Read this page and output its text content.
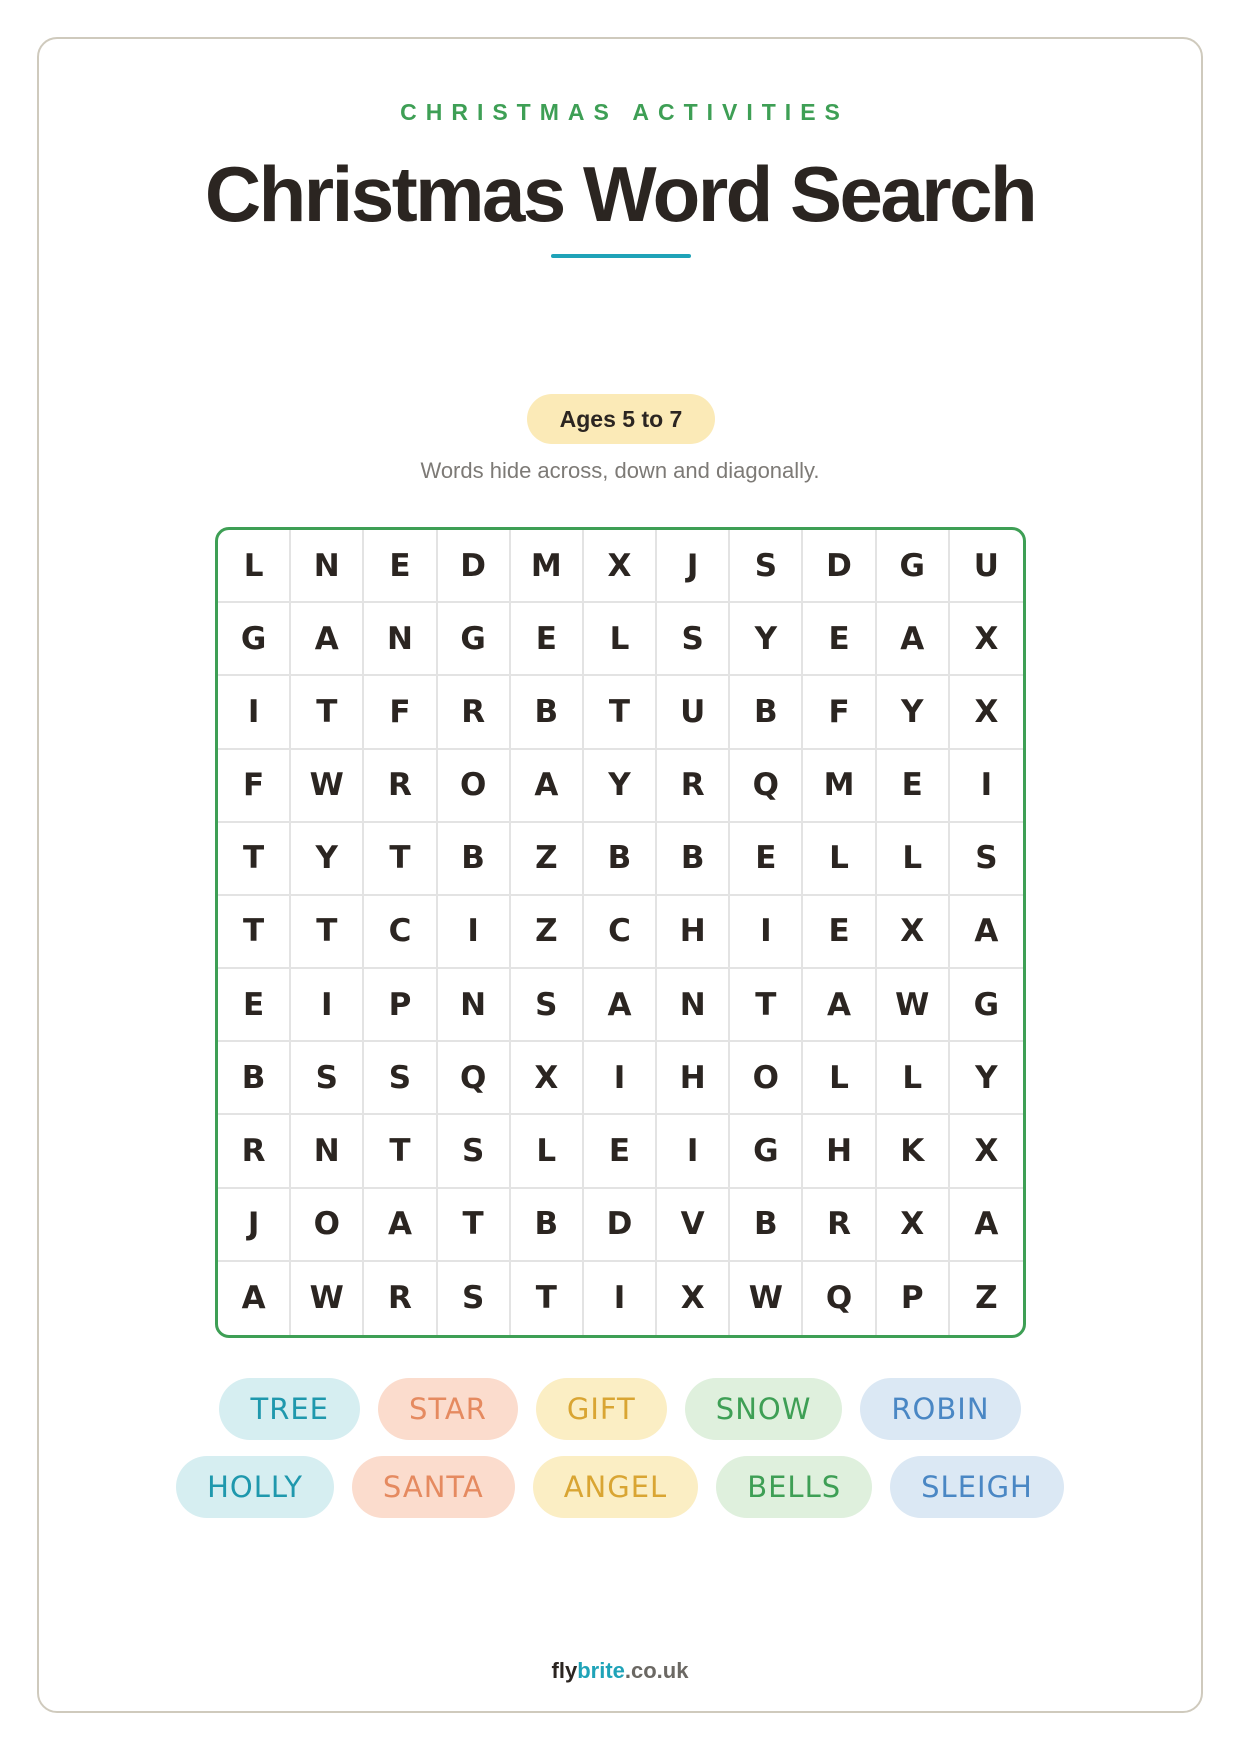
CHRISTMAS ACTIVITIES
Christmas Word Search
Ages 5 to 7
Words hide across, down and diagonally.
L	N	E	D	M	X	J	S	D	G	U
G	A	N	G	E	L	S	Y	E	A	X
I	T	F	R	B	T	U	B	F	Y	X
F	W	R	O	A	Y	R	Q	M	E	I
T	Y	T	B	Z	B	B	E	L	L	S
T	T	C	I	Z	C	H	I	E	X	A
E	I	P	N	S	A	N	T	A	W	G
B	S	S	Q	X	I	H	O	L	L	Y
R	N	T	S	L	E	I	G	H	K	X
J	O	A	T	B	D	V	B	R	X	A
A	W	R	S	T	I	X	W	Q	P	Z
TREE	STAR	GIFT	SNOW	ROBIN
HOLLY	SANTA	ANGEL	BELLS	SLEIGH
flybrite.co.uk
